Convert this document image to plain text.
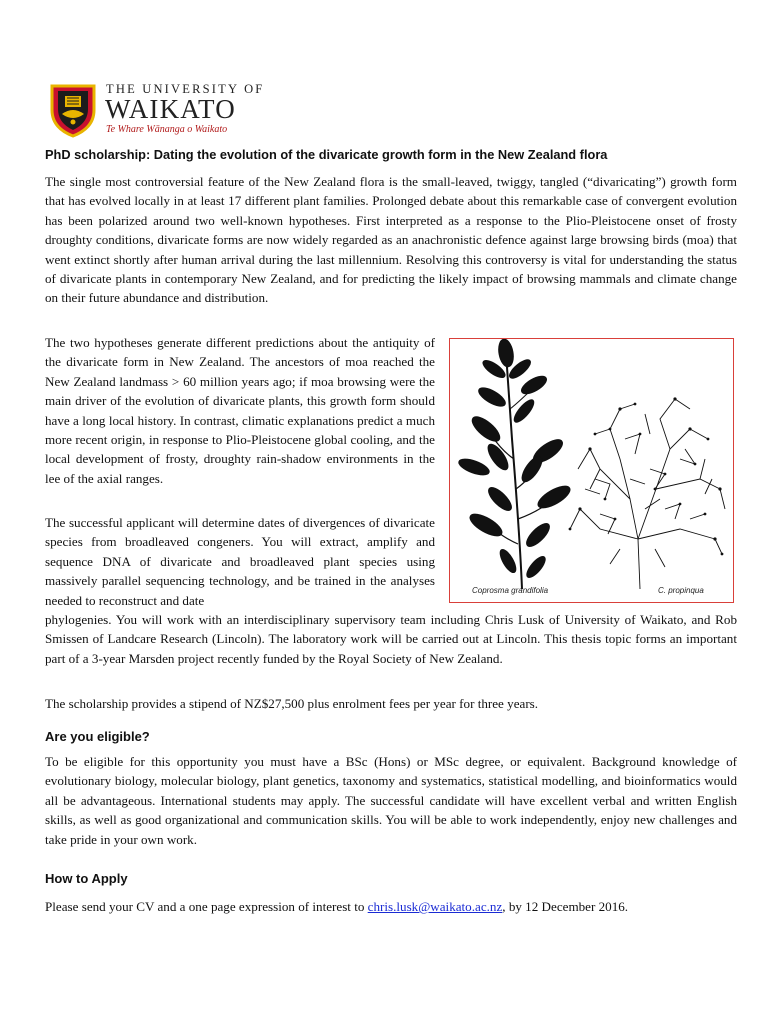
THE UNIVERSITY OF
WAIKATO
Te Whare Wānanga o Waikato
PhD scholarship: Dating the evolution of the divaricate growth form in the New Zealand flora

The single most controversial feature of the New Zealand flora is the small-leaved, twiggy, tangled (“divaricating”) growth form that has evolved locally in at least 17 different plant families. Prolonged debate about this remarkable case of convergent evolution has been polarized around two well-known hypotheses. First interpreted as a response to the Plio-Pleistocene onset of frosty droughty conditions, divaricate forms are now widely regarded as an anachronistic defence against large browsing birds (moa) that went extinct shortly after human arrival during the last millennium. Resolving this controversy is vital for understanding the status of divaricate plants in contemporary New Zealand, and for predicting the likely impact of browsing mammals and climate change on their future abundance and distribution.

The two hypotheses generate different predictions about the antiquity of the divaricate form in New Zealand. The ancestors of moa reached the New Zealand landmass > 60 million years ago; if moa browsing were the main driver of the evolution of divaricate plants, this growth form should have a long local history. In contrast, climatic explanations predict a much more recent origin, in response to Plio-Pleistocene global cooling, and the local development of frosty, droughty rain-shadow environments in the lee of the axial ranges.

The successful applicant will determine dates of divergences of divaricate species from broadleaved congeners. You will extract, amplify and sequence DNA of divaricate and broadleaved plant species using massively parallel sequencing technology, and be trained in the analyses needed to reconstruct and date

phylogenies. You will work with an interdisciplinary supervisory team including Chris Lusk of University of Waikato, and Rob Smissen of Landcare Research (Lincoln). The laboratory work will be carried out at Lincoln. This thesis topic forms an important part of a 3-year Marsden project recently funded by the Royal Society of New Zealand.

Coprosma grandifolia	C. propinqua

The scholarship provides a stipend of NZ$27,500 plus enrolment fees per year for three years.

Are you eligible?

To be eligible for this opportunity you must have a BSc (Hons) or MSc degree, or equivalent. Background knowledge of evolutionary biology, molecular biology, plant genetics, taxonomy and systematics, statistical modelling, and bioinformatics would all be advantageous. International students may apply. The successful candidate will have excellent verbal and written English skills, as well as good organizational and communication skills. You will be able to work independently, enjoy new challenges and take pride in your own work.

How to Apply

Please send your CV and a one page expression of interest to chris.lusk@waikato.ac.nz, by 12 December 2016.
